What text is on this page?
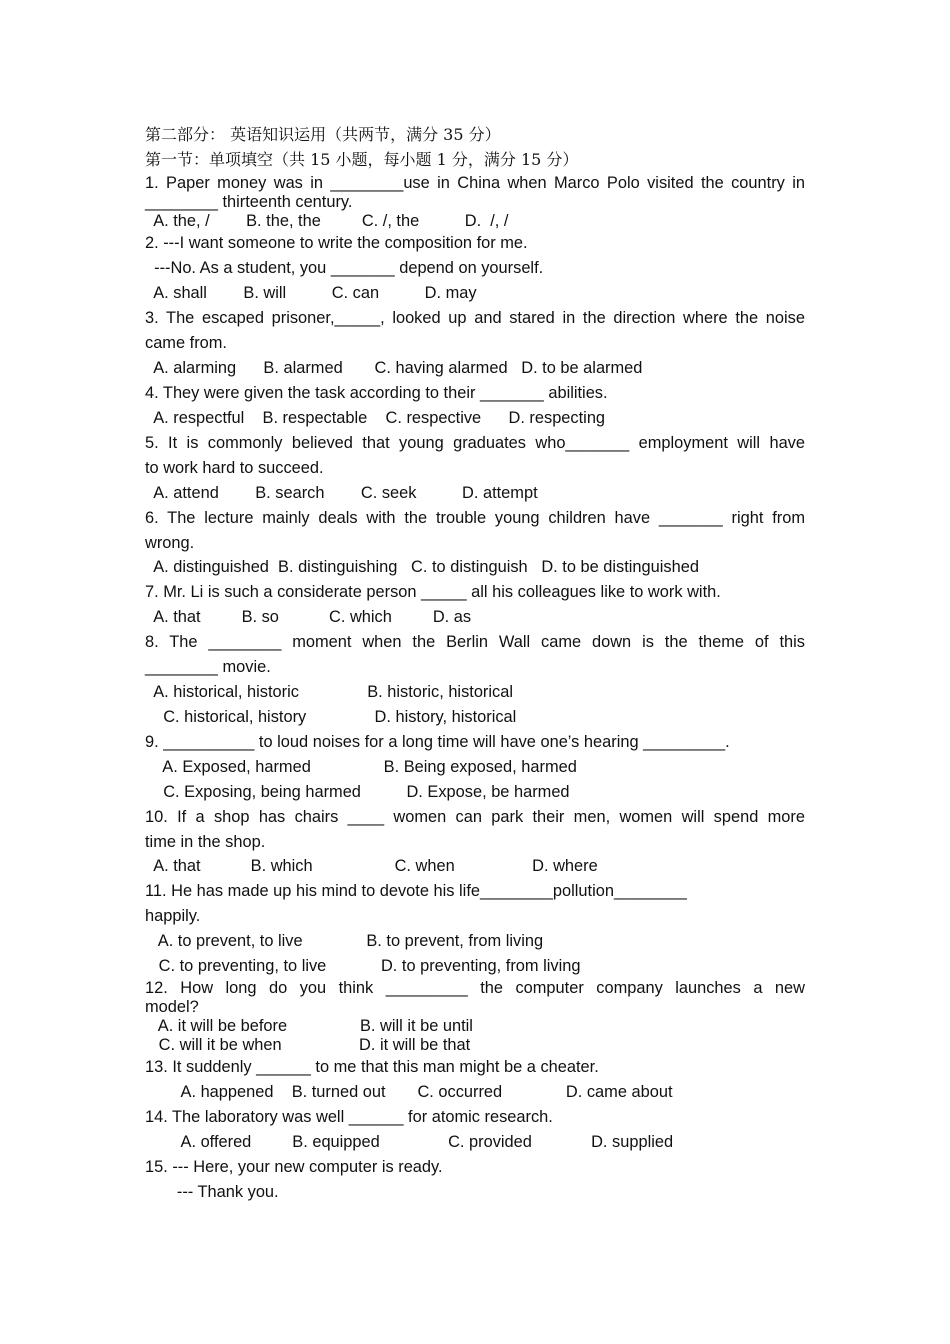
第二部分： 英语知识运用（共两节，满分 35 分）
第一节：单项填空（共 15 小题，每小题 1 分，满分 15 分）
1. Paper money was in ________use in China when Marco Polo visited the country in
________ thirteenth century.
A. the, /        B. the, the         C. /, the          D.  /, /
2. ---I want someone to write the composition for me.
---No. As a student, you _______ depend on yourself.
A. shall        B. will          C. can          D. may
3. The escaped prisoner,_____, looked up and stared in the direction where the noise
came from.
A. alarming      B. alarmed       C. having alarmed   D. to be alarmed
4. They were given the task according to their _______ abilities.
A. respectful    B. respectable    C. respective      D. respecting
5. It is commonly believed that young graduates who_______ employment will have
to work hard to succeed.
A. attend        B. search        C. seek          D. attempt
6. The lecture mainly deals with the trouble young children have _______ right from
wrong.
A. distinguished  B. distinguishing   C. to distinguish   D. to be distinguished
7. Mr. Li is such a considerate person _____ all his colleagues like to work with.
A. that         B. so           C. which         D. as
8. The ________ moment when the Berlin Wall came down is the theme of this
________ movie.
A. historical, historic               B. historic, historical
C. historical, history               D. history, historical
9. __________ to loud noises for a long time will have one’s hearing _________.
A. Exposed, harmed                B. Being exposed, harmed
C. Exposing, being harmed          D. Expose, be harmed
10. If a shop has chairs ____ women can park their men, women will spend more
time in the shop.
A. that           B. which                  C. when                 D. where
11. He has made up his mind to devote his life________pollution________
happily.
A. to prevent, to live              B. to prevent, from living
C. to preventing, to live            D. to preventing, from living
12. How long do you think _________ the computer company launches a new
model?
A. it will be before                B. will it be until
C. will it be when                 D. it will be that
13. It suddenly ______ to me that this man might be a cheater.
A. happened    B. turned out       C. occurred              D. came about
14. The laboratory was well ______ for atomic research.
A. offered         B. equipped               C. provided             D. supplied
15. --- Here, your new computer is ready.
--- Thank you.
